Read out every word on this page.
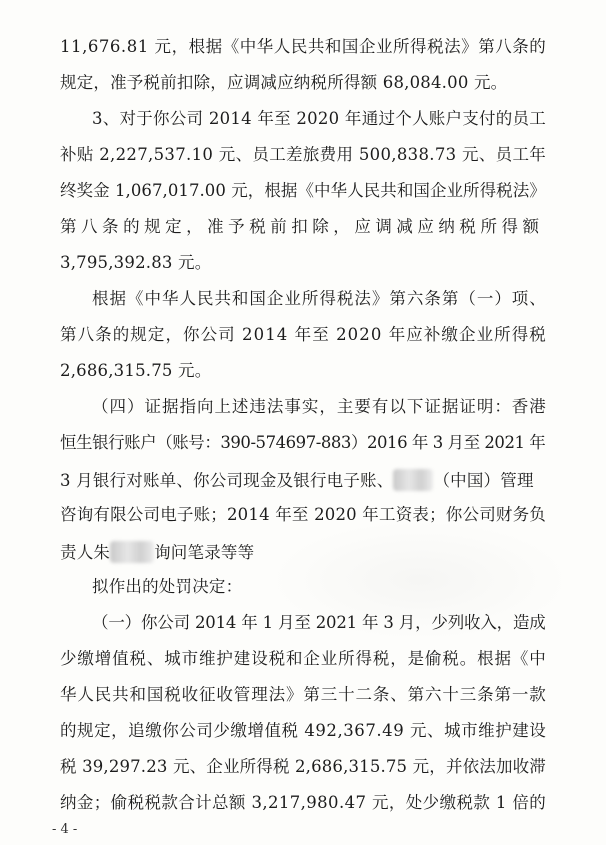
11,676.81 元，根据《中华人民共和国企业所得税法》第八条的
规定，准予税前扣除，应调减应纳税所得额 68,084.00 元。
3、对于你公司 2014 年至 2020 年通过个人账户支付的员工
补贴 2,227,537.10 元、员工差旅费用 500,838.73 元、员工年
终奖金 1,067,017.00 元，根据《中华人民共和国企业所得税法》
第八条的规定，准予税前扣除，应调减应纳税所得额
3,795,392.83 元。
根据《中华人民共和国企业所得税法》第六条第（一）项、
第八条的规定，你公司 2014 年至 2020 年应补缴企业所得税
2,686,315.75 元。
（四）证据指向上述违法事实，主要有以下证据证明：香港
恒生银行账户（账号：390-574697-883）2016 年 3 月至 2021 年
3 月银行对账单、你公司现金及银行电子账、 （中国）管理
咨询有限公司电子账；2014 年至 2020 年工资表；你公司财务负
责人朱	询问笔录等等
拟作出的处罚决定：
（一）你公司 2014 年 1 月至 2021 年 3 月，少列收入，造成
少缴增值税、城市维护建设税和企业所得税，是偷税。根据《中
华人民共和国税收征收管理法》第三十二条、第六十三条第一款
的规定，追缴你公司少缴增值税 492,367.49 元、城市维护建设
税 39,297.23 元、企业所得税 2,686,315.75 元，并依法加收滞
纳金；偷税税款合计总额 3,217,980.47 元，处少缴税款 1 倍的
- 4 -
